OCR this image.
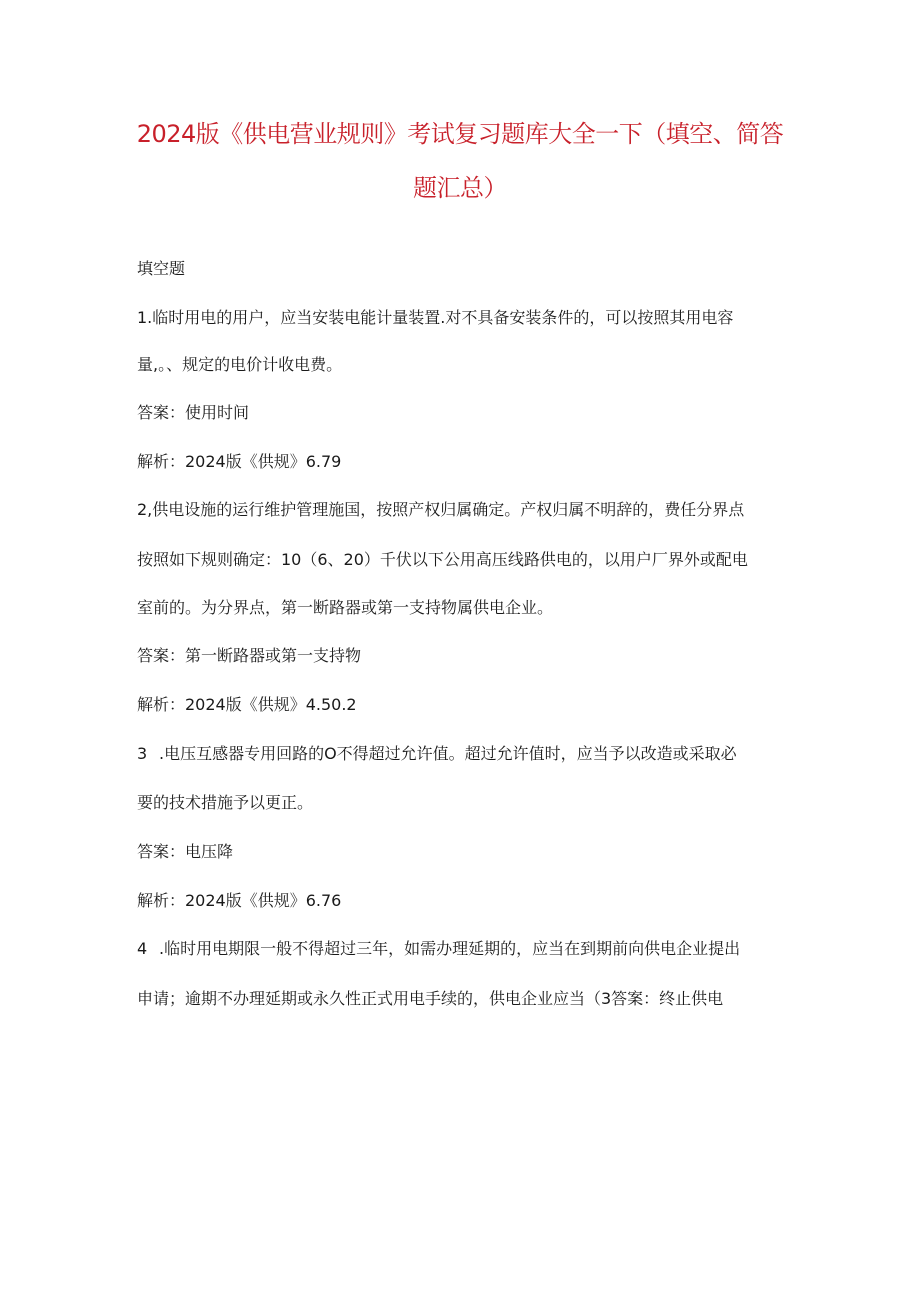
2024版《供电营业规则》考试复习题库大全一下（填空、简答
题汇总）
填空题
1.临时用电的用户，应当安装电能计量装置.对不具备安装条件的，可以按照其用电容
量,。、规定的电价计收电费。
答案：使用时间
解析：2024版《供规》6.79
2,供电设施的运行维护管理施国，按照产权归属确定。产权归属不明辞的，费任分界点
按照如下规则确定：10（6、20）千伏以下公用高压线路供电的，以用户厂界外或配电
室前的。为分界点，第一断路器或第一支持物属供电企业。
答案：第一断路器或第一支持物
解析：2024版《供规》4.50.2
3 .电压互感器专用回路的O不得超过允许值。超过允许值时，应当予以改造或采取必
要的技术措施予以更正。
答案：电压降
解析：2024版《供规》6.76
4 .临时用电期限一般不得超过三年，如需办理延期的，应当在到期前向供电企业提出
申请；逾期不办理延期或永久性正式用电手续的，供电企业应当（3答案：终止供电
